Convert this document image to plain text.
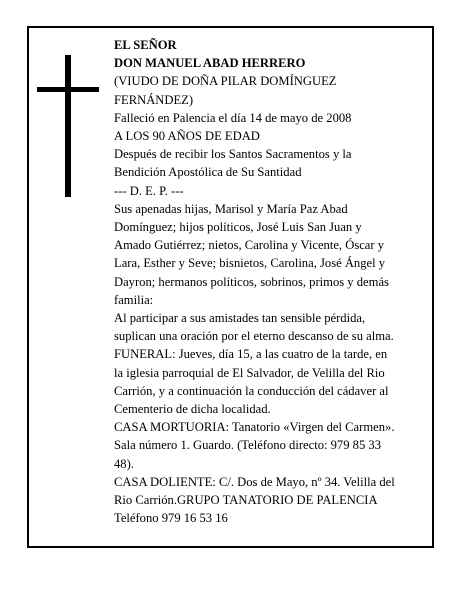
EL SEÑOR
DON MANUEL ABAD HERRERO
(VIUDO DE DOÑA PILAR DOMÍNGUEZ
FERNÁNDEZ)
Falleció en Palencia el día 14 de mayo de 2008
A LOS 90 AÑOS DE EDAD
Después de recibir los Santos Sacramentos y la
Bendición Apostólica de Su Santidad
--- D. E. P. ---
Sus apenadas hijas, Marisol y María Paz Abad
Domínguez; hijos políticos, José Luis San Juan y
Amado Gutiérrez; nietos, Carolina y Vicente, Óscar y
Lara, Esther y Seve; bisnietos, Carolina, José Ángel y
Dayron; hermanos políticos, sobrinos, primos y demás
familia:
Al participar a sus amistades tan sensible pérdida,
suplican una oración por el eterno descanso de su alma.
FUNERAL: Jueves, día 15, a las cuatro de la tarde, en
la iglesia parroquial de El Salvador, de Velilla del Rio
Carrión, y a continuación la conducción del cádaver al
Cementerio de dicha localidad.
CASA MORTUORIA: Tanatorio «Virgen del Carmen».
Sala número 1. Guardo. (Teléfono directo: 979 85 33
48).
CASA DOLIENTE: C/. Dos de Mayo, nº 34. Velilla del
Rio Carrión.GRUPO TANATORIO DE PALENCIA
Teléfono 979 16 53 16
